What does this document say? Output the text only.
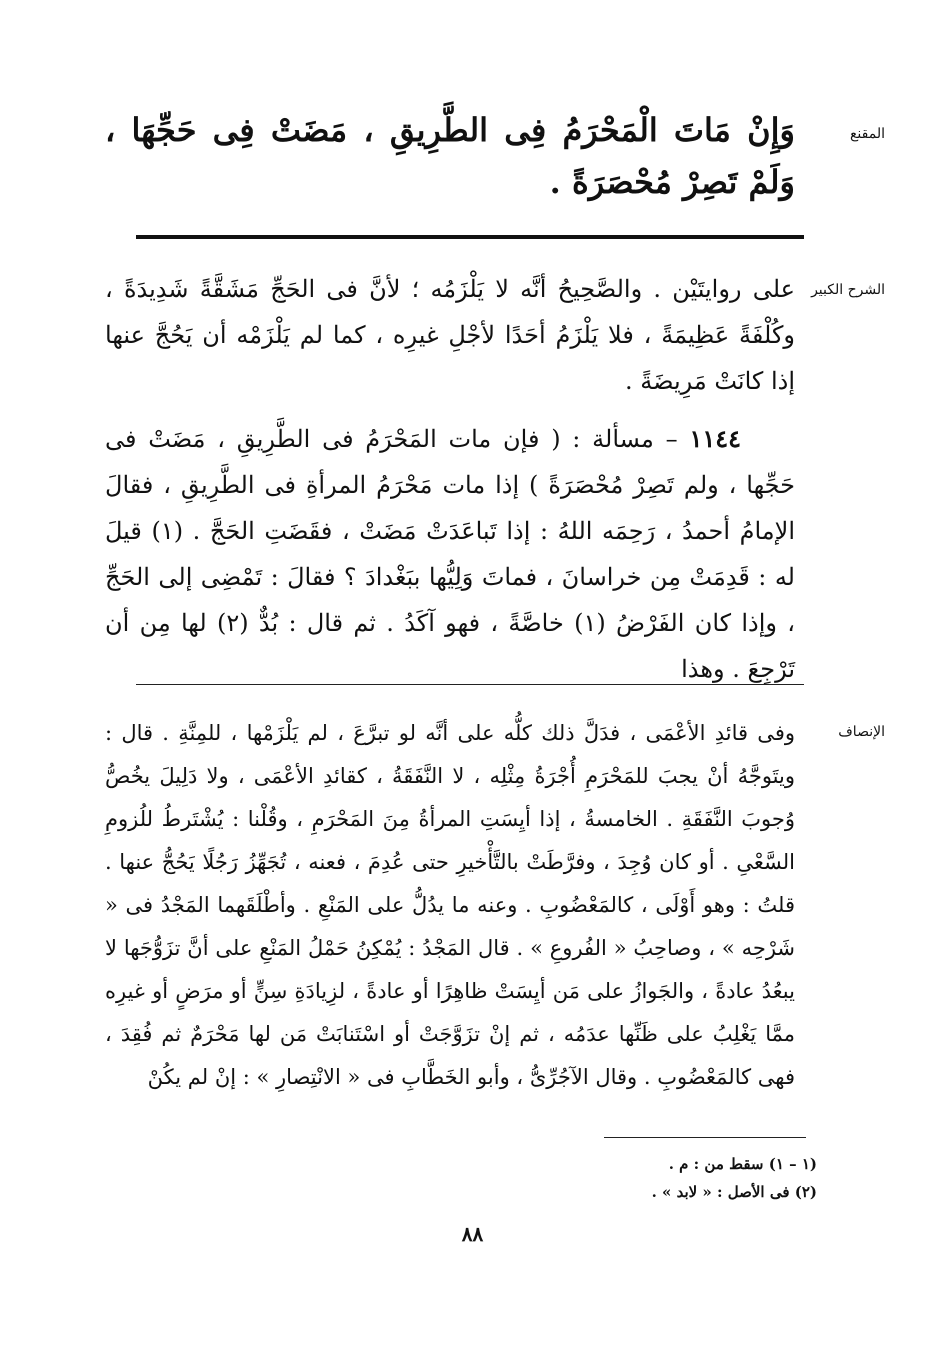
المقنع
وَإِنْ مَاتَ الْمَحْرَمُ فِى الطَّرِيقِ ، مَضَتْ فِى حَجِّهَا ، وَلَمْ تَصِرْ مُحْصَرَةً .
الشرح الكبير

على روايتَيْن . والصَّحِيحُ أنَّه لا يَلْزَمُه ؛ لأنَّ فى الحَجِّ مَشَقَّةً شَدِيدَةً ، وكُلْفَةً عَظِيمَةً ، فلا يَلْزَمُ أحَدًا لأجْلِ غيرِه ، كما لم يَلْزَمْه أن يَحُجَّ عنها إذا كانَتْ مَرِيضَةً .

١١٤٤ – مسألة : ( فإن مات المَحْرَمُ فى الطَّرِيقِ ، مَضَتْ فى حَجِّها ، ولم تَصِرْ مُحْصَرَةً ) إذا مات مَحْرَمُ المرأةِ فى الطَّرِيقِ ، فقالَ الإمامُ أحمدُ ، رَحِمَه اللهُ : إذا تَباعَدَتْ مَضَتْ ، فقَضَتِ الحَجَّ . (١) قيلَ له : قَدِمَتْ مِن خراسانَ ، فماتَ وَلِيُّها ببَغْدادَ ؟ فقالَ : تَمْضِى إلى الحَجِّ ، وإذا كان الفَرْضُ (١) خاصَّةً ، فهو آكَدُ . ثم قال : بُدٌّ (٢) لها مِن أن تَرْجِعَ . وهذا

الإنصاف
وفى قائدِ الأعْمَى ، فدَلَّ ذلك كلُّه على أنَّه لو تبرَّعَ ، لم يَلْزَمْها ، للمِنَّةِ . قال : ويتَوجَّهُ أنْ يجبَ للمَحْرَمِ أُجْرَةُ مِثْلِه ، لا النَّفَقَةُ ، كقائدِ الأعْمَى ، ولا دَلِيلَ يخُصُّ وُجوبَ النَّفَقَةِ . الخامسةُ ، إذا أيِسَتِ المرأةُ مِنَ المَحْرَمِ ، وقُلْنا : يُشْتَرطُ للُزومِ السَّعْىِ . أو كان وُجِدَ ، وفرَّطَتْ بالتَّأْخيرِ حتى عُدِمَ ، فعنه ، تُجَهِّزُ رَجُلًا يَحُجُّ عنها . قلتُ : وهو أَوْلَى ، كالمَعْضُوبِ . وعنه ما يدُلُّ على المَنْعِ . وأطْلَقَهما المَجْدُ فى « شَرْحِه » ، وصاحِبُ « الفُروعِ » . قال المَجْدُ : يُمْكِنُ حَمْلُ المَنْعِ على أنَّ تزَوُّجَها لا يبعُدُ عادةً ، والجَوازُ على مَن أيِسَتْ ظاهِرًا أو عادةً ، لزِيادَةِ سِنٍّ أو مرَضٍ أو غيرِه ممَّا يَغْلِبُ على ظَنِّها عدَمُه ، ثم إنْ تزَوَّجَتْ أو اسْتَنابَتْ مَن لها مَحْرَمٌ ثم فُقِدَ ، فهى كالمَعْضُوبِ . وقال الآجُرِّىُّ ، وأبو الخَطَّابِ فى « الانْتِصارِ » : إنْ لم يكُنْ
(١ – ١) سقط من : م .
(٢) فى الأصل : « لابد » .
٨٨
